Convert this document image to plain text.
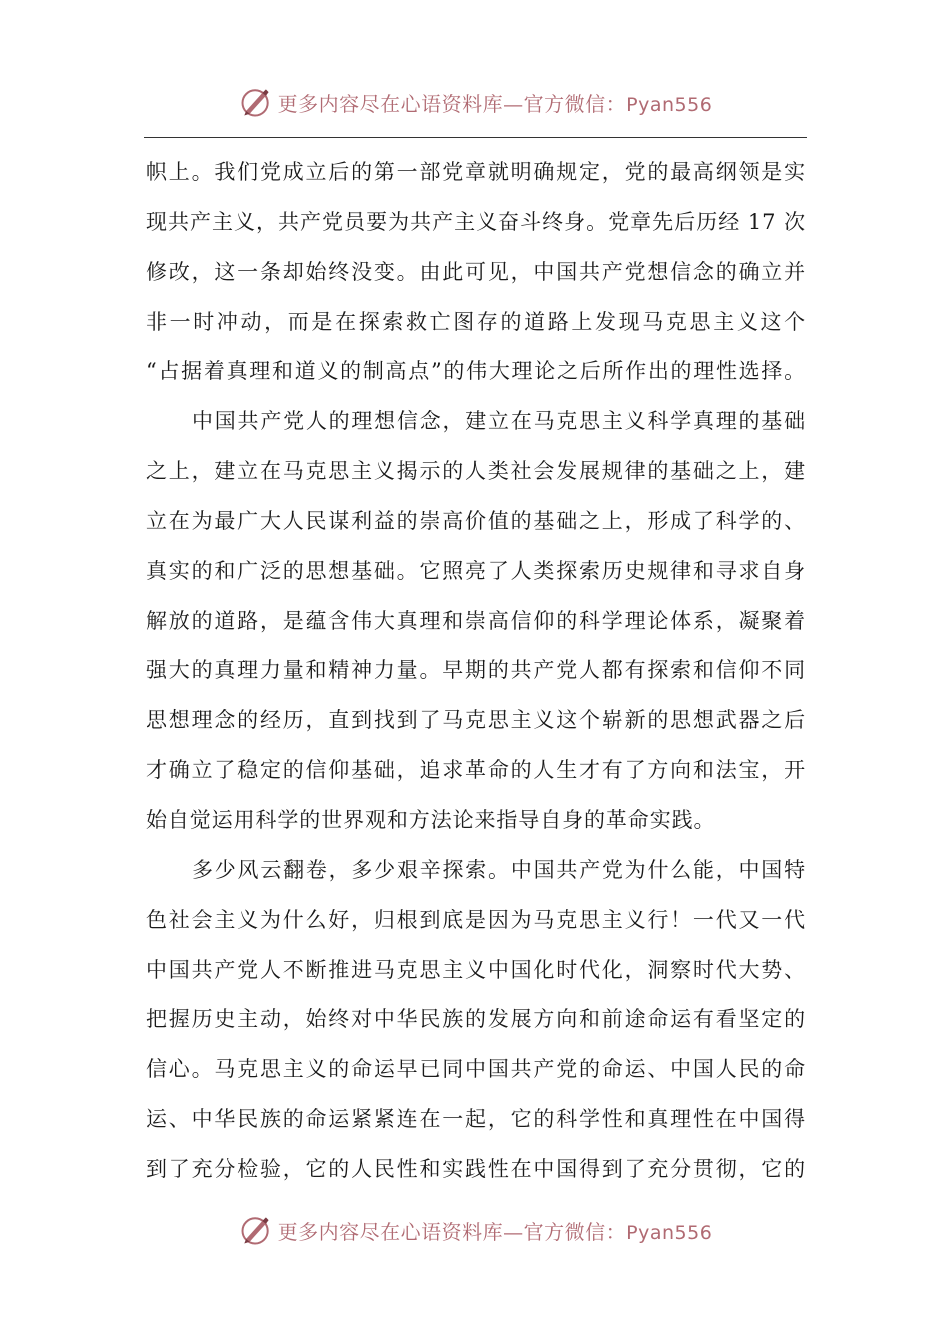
更多内容尽在心语资料库—官方微信：Pyan556
帜上。我们党成立后的第一部党章就明确规定，党的最高纲领是实
现共产主义，共产党员要为共产主义奋斗终身。党章先后历经 17 次
修改，这一条却始终没变。由此可见，中国共产党想信念的确立并
非一时冲动，而是在探索救亡图存的道路上发现马克思主义这个
“占据着真理和道义的制高点”的伟大理论之后所作出的理性选择。
中国共产党人的理想信念，建立在马克思主义科学真理的基础
之上，建立在马克思主义揭示的人类社会发展规律的基础之上，建
立在为最广大人民谋利益的崇高价值的基础之上，形成了科学的、
真实的和广泛的思想基础。它照亮了人类探索历史规律和寻求自身
解放的道路，是蕴含伟大真理和崇高信仰的科学理论体系，凝聚着
强大的真理力量和精神力量。早期的共产党人都有探索和信仰不同
思想理念的经历，直到找到了马克思主义这个崭新的思想武器之后
才确立了稳定的信仰基础，追求革命的人生才有了方向和法宝，开
始自觉运用科学的世界观和方法论来指导自身的革命实践。
多少风云翻卷，多少艰辛探索。中国共产党为什么能，中国特
色社会主义为什么好，归根到底是因为马克思主义行！一代又一代
中国共产党人不断推进马克思主义中国化时代化，洞察时代大势、
把握历史主动，始终对中华民族的发展方向和前途命运有看坚定的
信心。马克思主义的命运早已同中国共产党的命运、中国人民的命
运、中华民族的命运紧紧连在一起，它的科学性和真理性在中国得
到了充分检验，它的人民性和实践性在中国得到了充分贯彻，它的
更多内容尽在心语资料库—官方微信：Pyan556
